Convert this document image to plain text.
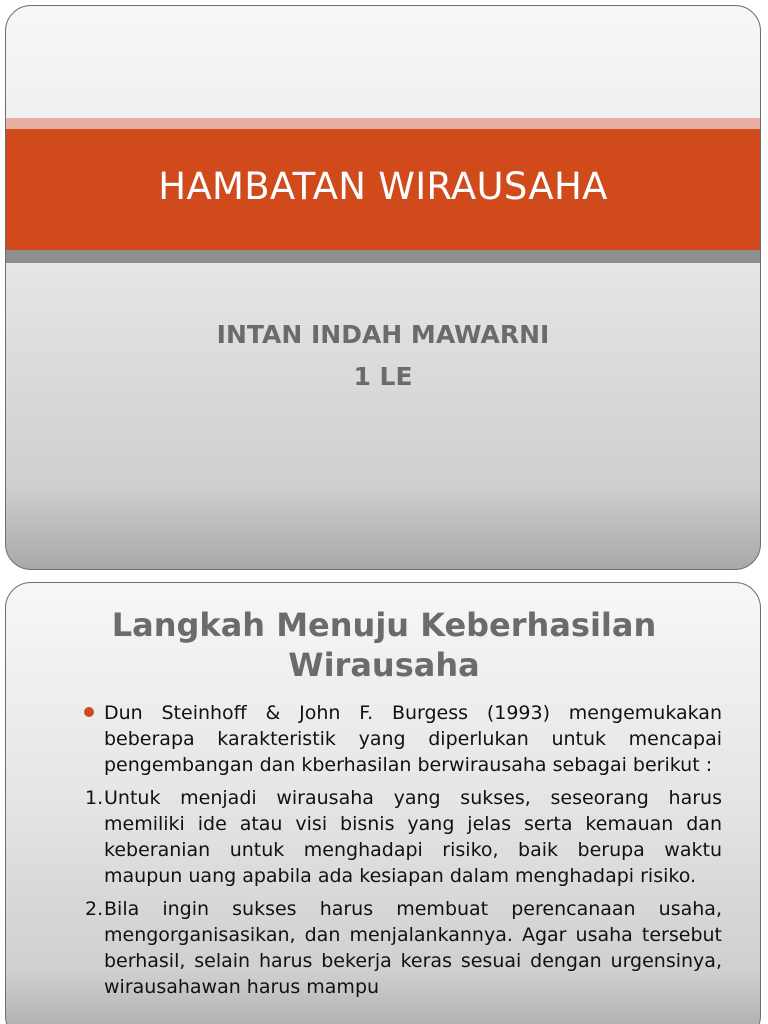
HAMBATAN WIRAUSAHA
INTAN INDAH MAWARNI
1 LE
Langkah Menuju Keberhasilan Wirausaha
Dun Steinhoff & John F. Burgess (1993) mengemukakan beberapa karakteristik yang diperlukan untuk mencapai pengembangan dan kberhasilan berwirausaha sebagai berikut :
1. Untuk menjadi wirausaha yang sukses, seseorang harus memiliki ide atau visi bisnis yang jelas serta kemauan dan keberanian untuk menghadapi risiko, baik berupa waktu maupun uang apabila ada kesiapan dalam menghadapi risiko.
2. Bila ingin sukses harus membuat perencanaan usaha, mengorganisasikan, dan menjalankannya. Agar usaha tersebut berhasil, selain harus bekerja keras sesuai dengan urgensinya, wirausahawan harus mampu
